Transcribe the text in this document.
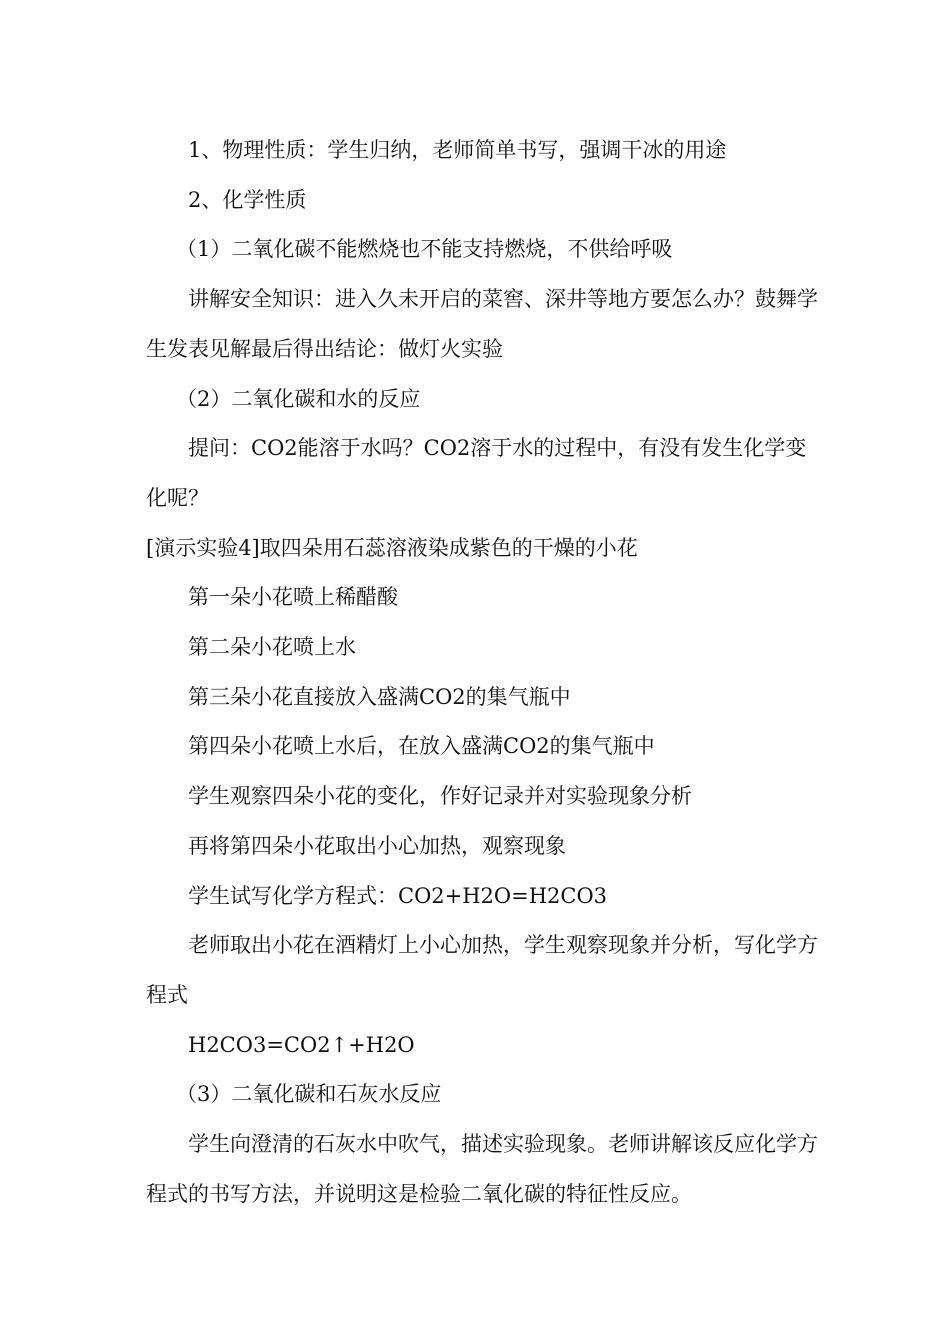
1、物理性质：学生归纳，老师简单书写，强调干冰的用途

2、化学性质

（1）二氧化碳不能燃烧也不能支持燃烧，不供给呼吸

讲解安全知识：进入久未开启的菜窖、深井等地方要怎么办？鼓舞学生发表见解最后得出结论：做灯火实验

（2）二氧化碳和水的反应

提问：CO2能溶于水吗？CO2溶于水的过程中，有没有发生化学变化呢？

[演示实验4]取四朵用石蕊溶液染成紫色的干燥的小花

第一朵小花喷上稀醋酸

第二朵小花喷上水

第三朵小花直接放入盛满CO2的集气瓶中

第四朵小花喷上水后，在放入盛满CO2的集气瓶中

学生观察四朵小花的变化，作好记录并对实验现象分析

再将第四朵小花取出小心加热，观察现象

学生试写化学方程式：CO2+H2O=H2CO3

老师取出小花在酒精灯上小心加热，学生观察现象并分析，写化学方程式

H2CO3=CO2↑+H2O

（3）二氧化碳和石灰水反应

学生向澄清的石灰水中吹气，描述实验现象。老师讲解该反应化学方程式的书写方法，并说明这是检验二氧化碳的特征性反应。
